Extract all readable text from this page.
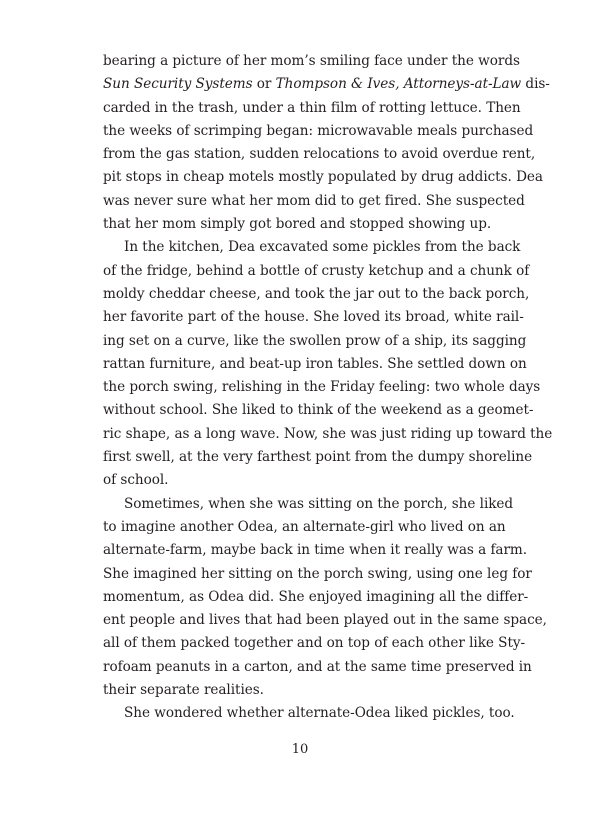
bearing a picture of her mom’s smiling face under the words
Sun Security Systems or Thompson & Ives, Attorneys-at-Law dis-
carded in the trash, under a thin film of rotting lettuce. Then
the weeks of scrimping began: microwavable meals purchased
from the gas station, sudden relocations to avoid overdue rent,
pit stops in cheap motels mostly populated by drug addicts. Dea
was never sure what her mom did to get fired. She suspected
that her mom simply got bored and stopped showing up.
In the kitchen, Dea excavated some pickles from the back
of the fridge, behind a bottle of crusty ketchup and a chunk of
moldy cheddar cheese, and took the jar out to the back porch,
her favorite part of the house. She loved its broad, white rail-
ing set on a curve, like the swollen prow of a ship, its sagging
rattan furniture, and beat-up iron tables. She settled down on
the porch swing, relishing in the Friday feeling: two whole days
without school. She liked to think of the weekend as a geomet-
ric shape, as a long wave. Now, she was just riding up toward the
first swell, at the very farthest point from the dumpy shoreline
of school.
Sometimes, when she was sitting on the porch, she liked
to imagine another Odea, an alternate-girl who lived on an
alternate-farm, maybe back in time when it really was a farm.
She imagined her sitting on the porch swing, using one leg for
momentum, as Odea did. She enjoyed imagining all the differ-
ent people and lives that had been played out in the same space,
all of them packed together and on top of each other like Sty-
rofoam peanuts in a carton, and at the same time preserved in
their separate realities.
She wondered whether alternate-Odea liked pickles, too.
10
